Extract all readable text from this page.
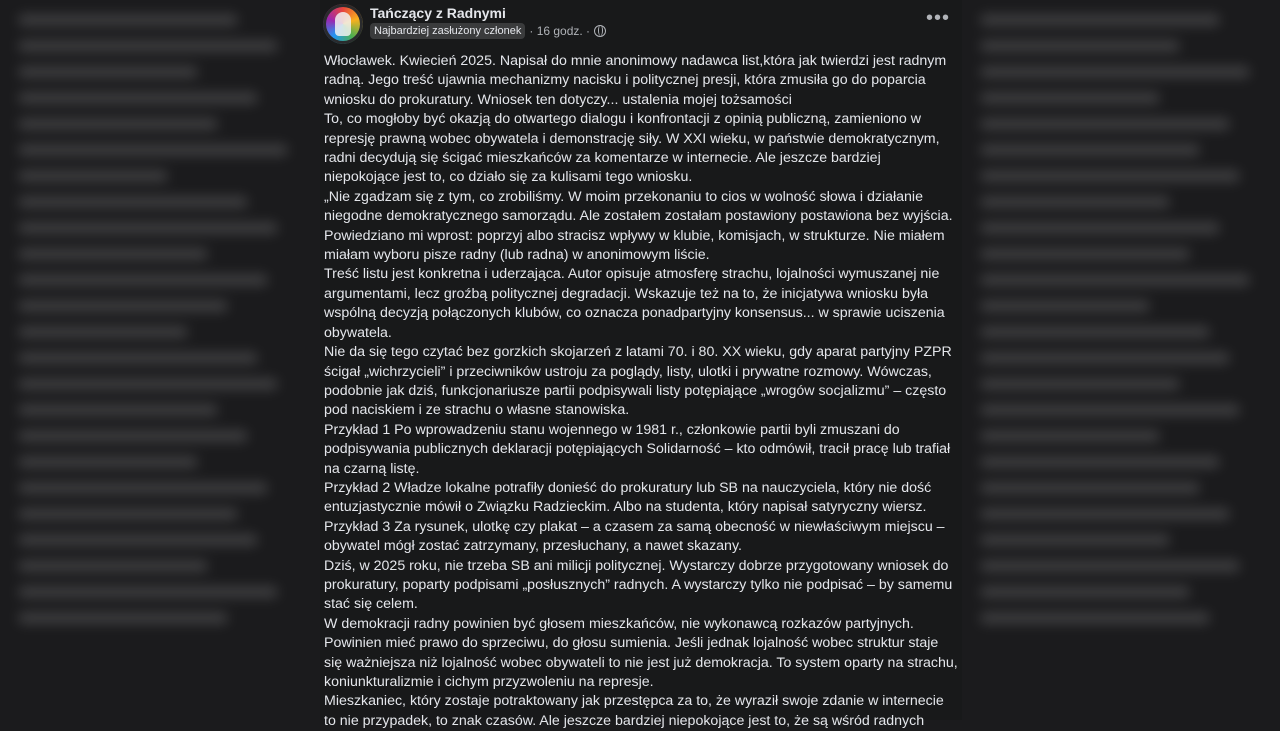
Tańczący z Radnymi
Najbardziej zasłużony członek · 16 godz. ·
•••

Włocławek. Kwiecień 2025. Napisał do mnie anonimowy nadawca list,która jak twierdzi jest radnym radną. Jego treść ujawnia mechanizmy nacisku i politycznej presji, która zmusiła go do poparcia wniosku do prokuratury. Wniosek ten dotyczy... ustalenia mojej tożsamości

To, co mogłoby być okazją do otwartego dialogu i konfrontacji z opinią publiczną, zamieniono w represję prawną wobec obywatela i demonstrację siły. W XXI wieku, w państwie demokratycznym, radni decydują się ścigać mieszkańców za komentarze w internecie. Ale jeszcze bardziej niepokojące jest to, co działo się za kulisami tego wniosku.

„Nie zgadzam się z tym, co zrobiliśmy. W moim przekonaniu to cios w wolność słowa i działanie niegodne demokratycznego samorządu. Ale zostałem zostałam postawiony postawiona bez wyjścia. Powiedziano mi wprost: poprzyj albo stracisz wpływy w klubie, komisjach, w strukturze. Nie miałem miałam wyboru pisze radny (lub radna) w anonimowym liście.

Treść listu jest konkretna i uderzająca. Autor opisuje atmosferę strachu, lojalności wymuszanej nie argumentami, lecz groźbą politycznej degradacji. Wskazuje też na to, że inicjatywa wniosku była wspólną decyzją połączonych klubów, co oznacza ponadpartyjny konsensus... w sprawie uciszenia obywatela.

Nie da się tego czytać bez gorzkich skojarzeń z latami 70. i 80. XX wieku, gdy aparat partyjny PZPR ścigał „wichrzycieli” i przeciwników ustroju za poglądy, listy, ulotki i prywatne rozmowy. Wówczas, podobnie jak dziś, funkcjonariusze partii podpisywali listy potępiające „wrogów socjalizmu” – często pod naciskiem i ze strachu o własne stanowiska.

Przykład 1 Po wprowadzeniu stanu wojennego w 1981 r., członkowie partii byli zmuszani do podpisywania publicznych deklaracji potępiających Solidarność – kto odmówił, tracił pracę lub trafiał na czarną listę.

Przykład 2 Władze lokalne potrafiły donieść do prokuratury lub SB na nauczyciela, który nie dość entuzjastycznie mówił o Związku Radzieckim. Albo na studenta, który napisał satyryczny wiersz.

Przykład 3 Za rysunek, ulotkę czy plakat – a czasem za samą obecność w niewłaściwym miejscu – obywatel mógł zostać zatrzymany, przesłuchany, a nawet skazany.

Dziś, w 2025 roku, nie trzeba SB ani milicji politycznej. Wystarczy dobrze przygotowany wniosek do prokuratury, poparty podpisami „posłusznych” radnych. A wystarczy tylko nie podpisać – by samemu stać się celem.

W demokracji radny powinien być głosem mieszkańców, nie wykonawcą rozkazów partyjnych. Powinien mieć prawo do sprzeciwu, do głosu sumienia. Jeśli jednak lojalność wobec struktur staje się ważniejsza niż lojalność wobec obywateli to nie jest już demokracja. To system oparty na strachu, koniunkturalizmie i cichym przyzwoleniu na represje.

Mieszkaniec, który zostaje potraktowany jak przestępca za to, że wyraził swoje zdanie w internecie to nie przypadek, to znak czasów. Ale jeszcze bardziej niepokojące jest to, że są wśród radnych
